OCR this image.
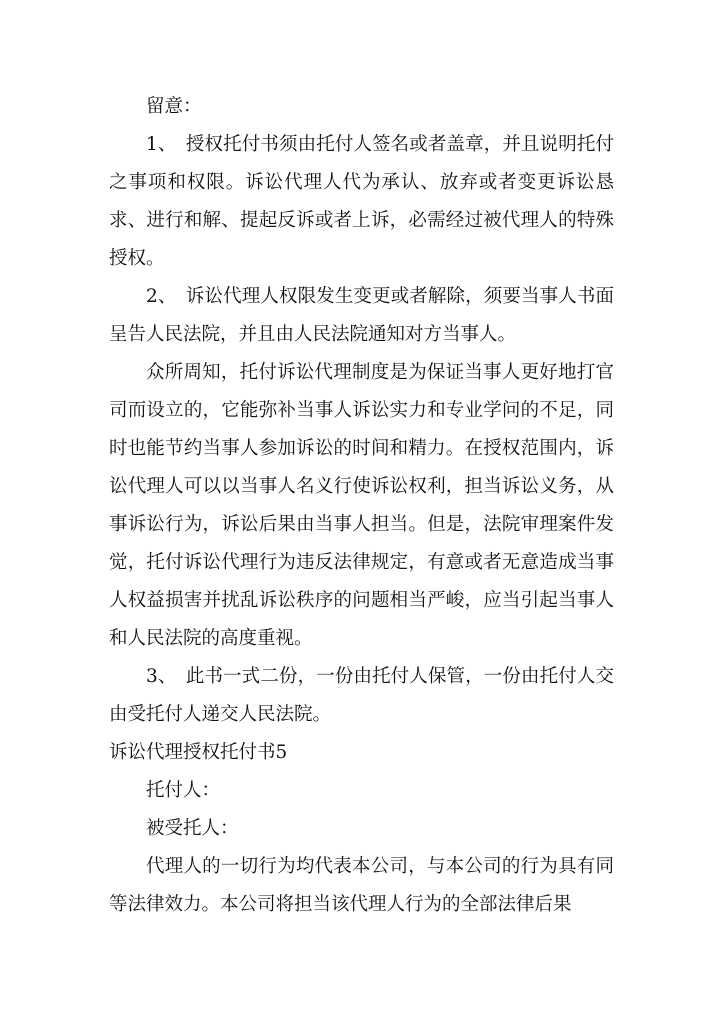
留意：

1、　授权托付书须由托付人签名或者盖章，并且说明托付之事项和权限。诉讼代理人代为承认、放弃或者变更诉讼恳求、进行和解、提起反诉或者上诉，必需经过被代理人的特殊授权。

2、　诉讼代理人权限发生变更或者解除，须要当事人书面呈告人民法院，并且由人民法院通知对方当事人。

众所周知，托付诉讼代理制度是为保证当事人更好地打官司而设立的，它能弥补当事人诉讼实力和专业学问的不足，同时也能节约当事人参加诉讼的时间和精力。在授权范围内，诉讼代理人可以以当事人名义行使诉讼权利，担当诉讼义务，从事诉讼行为，诉讼后果由当事人担当。但是，法院审理案件发觉，托付诉讼代理行为违反法律规定，有意或者无意造成当事人权益损害并扰乱诉讼秩序的问题相当严峻，应当引起当事人和人民法院的高度重视。

3、　此书一式二份，一份由托付人保管，一份由托付人交由受托付人递交人民法院。

诉讼代理授权托付书5

托付人：

被受托人：

代理人的一切行为均代表本公司，与本公司的行为具有同等法律效力。本公司将担当该代理人行为的全部法律后果
